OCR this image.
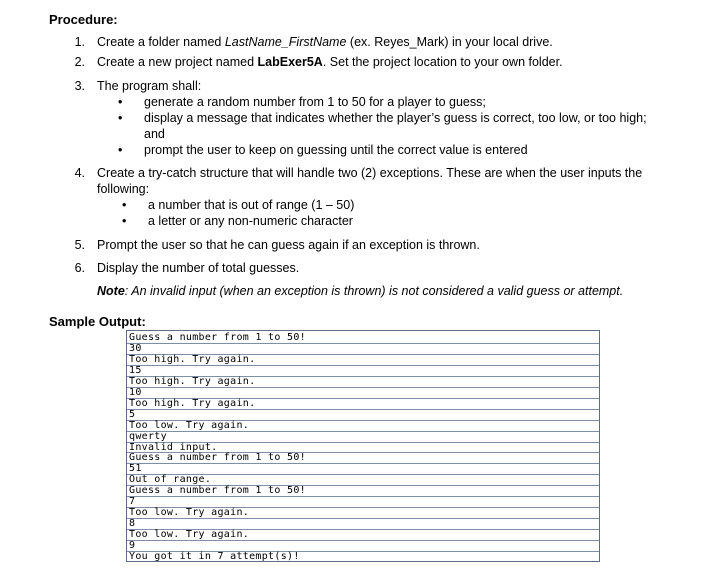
Procedure:
1. Create a folder named LastName_FirstName (ex. Reyes_Mark) in your local drive.
2. Create a new project named LabExer5A. Set the project location to your own folder.
3. The program shall:
• generate a random number from 1 to 50 for a player to guess;
• display a message that indicates whether the player’s guess is correct, too low, or too high; and
• prompt the user to keep on guessing until the correct value is entered
4. Create a try-catch structure that will handle two (2) exceptions. These are when the user inputs the following:
• a number that is out of range (1 – 50)
• a letter or any non-numeric character
5. Prompt the user so that he can guess again if an exception is thrown.
6. Display the number of total guesses.
Note: An invalid input (when an exception is thrown) is not considered a valid guess or attempt.
Sample Output:
Guess a number from 1 to 50!
30
Too high. Try again.
15
Too high. Try again.
10
Too high. Try again.
5
Too low. Try again.
qwerty
Invalid input.
Guess a number from 1 to 50!
51
Out of range.
Guess a number from 1 to 50!
7
Too low. Try again.
8
Too low. Try again.
9
You got it in 7 attempt(s)!
